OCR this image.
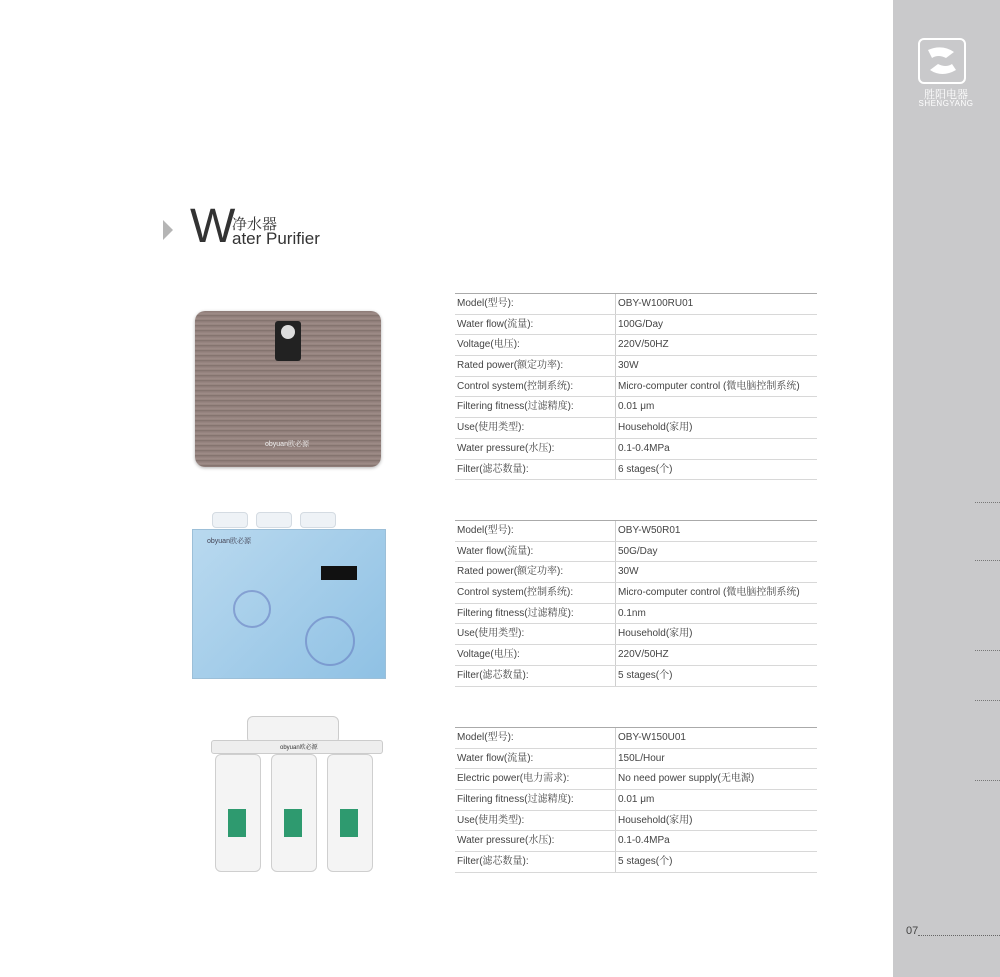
胜阳电器
SHENGYANG
07
W
净水器
ater Purifier
obyuan欧必源
obyuan欧必源
obyuan欧必源
Model(型号):	OBY-W100RU01
Water flow(流量):	100G/Day
Voltage(电压):	220V/50HZ
Rated power(额定功率):	30W
Control system(控制系统):	Micro-computer control (微电脑控制系统)
Filtering fitness(过滤精度):	0.01 μm
Use(使用类型):	Household(家用)
Water pressure(水压):	0.1-0.4MPa
Filter(滤芯数量):	6 stages(个)
Model(型号):	OBY-W50R01
Water flow(流量):	50G/Day
Rated power(额定功率):	30W
Control system(控制系统):	Micro-computer control (微电脑控制系统)
Filtering fitness(过滤精度):	0.1nm
Use(使用类型):	Household(家用)
Voltage(电压):	220V/50HZ
Filter(滤芯数量):	5 stages(个)
Model(型号):	OBY-W150U01
Water flow(流量):	150L/Hour
Electric power(电力需求):	No need power supply(无电源)
Filtering fitness(过滤精度):	0.01 μm
Use(使用类型):	Household(家用)
Water pressure(水压):	0.1-0.4MPa
Filter(滤芯数量):	5 stages(个)
